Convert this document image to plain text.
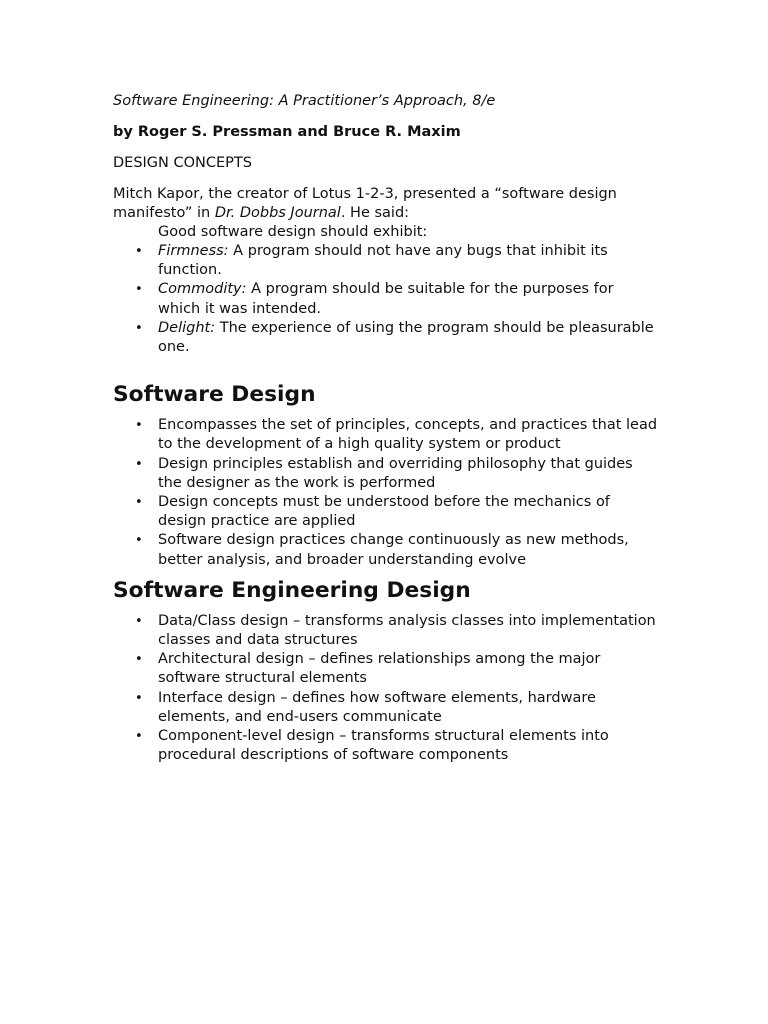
Software Engineering: A Practitioner’s Approach, 8/e

by Roger S. Pressman and Bruce R. Maxim

DESIGN CONCEPTS

Mitch Kapor, the creator of Lotus 1-2-3, presented a “software design manifesto” in Dr. Dobbs Journal. He said:

Good software design should exhibit:

• Firmness: A program should not have any bugs that inhibit its function.
• Commodity: A program should be suitable for the purposes for which it was intended.
• Delight: The experience of using the program should be pleasurable one.
Software Design
• Encompasses the set of principles, concepts, and practices that lead to the development of a high quality system or product
• Design principles establish and overriding philosophy that guides the designer as the work is performed
• Design concepts must be understood before the mechanics of design practice are applied
• Software design practices change continuously as new methods, better analysis, and broader understanding evolve
Software Engineering Design
• Data/Class design – transforms analysis classes into implementation classes and data structures
• Architectural design – defines relationships among the major software structural elements
• Interface design – defines how software elements, hardware elements, and end-users communicate
• Component-level design – transforms structural elements into procedural descriptions of software components
